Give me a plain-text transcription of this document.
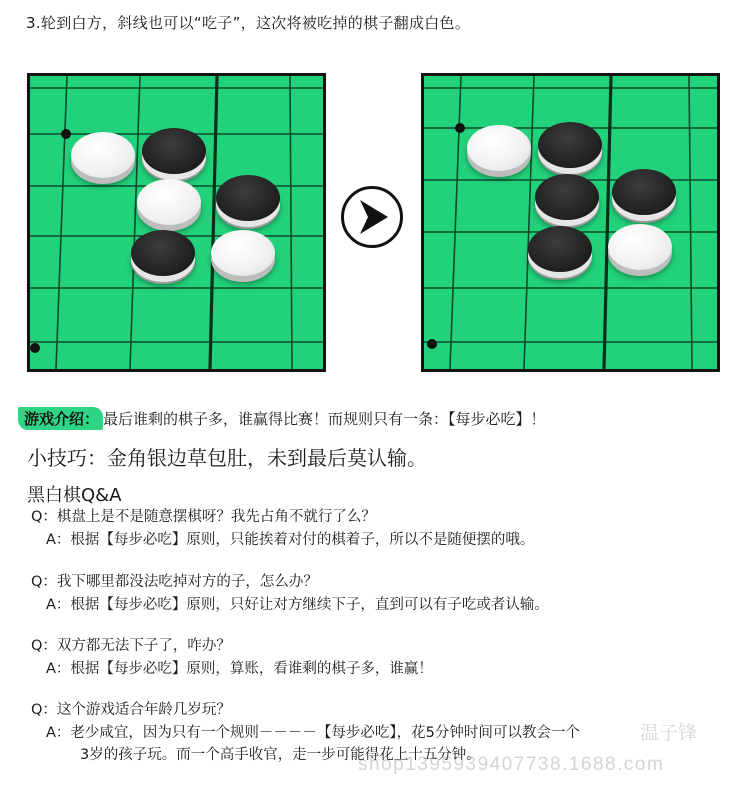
3.轮到白方，斜线也可以“吃子”，这次将被吃掉的棋子翻成白色。
游戏介绍： 最后谁剩的棋子多，谁赢得比赛！而规则只有一条：【每步必吃】！
小技巧：金角银边草包肚，未到最后莫认输。
黑白棋Q&A
Q：棋盘上是不是随意摆棋呀？我先占角不就行了么？
A：根据【每步必吃】原则，只能挨着对付的棋着子，所以不是随便摆的哦。
Q：我下哪里都没法吃掉对方的子，怎么办？
A：根据【每步必吃】原则，只好让对方继续下子，直到可以有子吃或者认输。
Q：双方都无法下子了，咋办？
A：根据【每步必吃】原则，算账，看谁剩的棋子多，谁赢！
Q：这个游戏适合年龄几岁玩？
A：老少咸宜，因为只有一个规则－－－－【每步必吃】，花5分钟时间可以教会一个
3岁的孩子玩。而一个高手收官，走一步可能得花上十五分钟。
shop1395939407738.1688.com
温子锋
